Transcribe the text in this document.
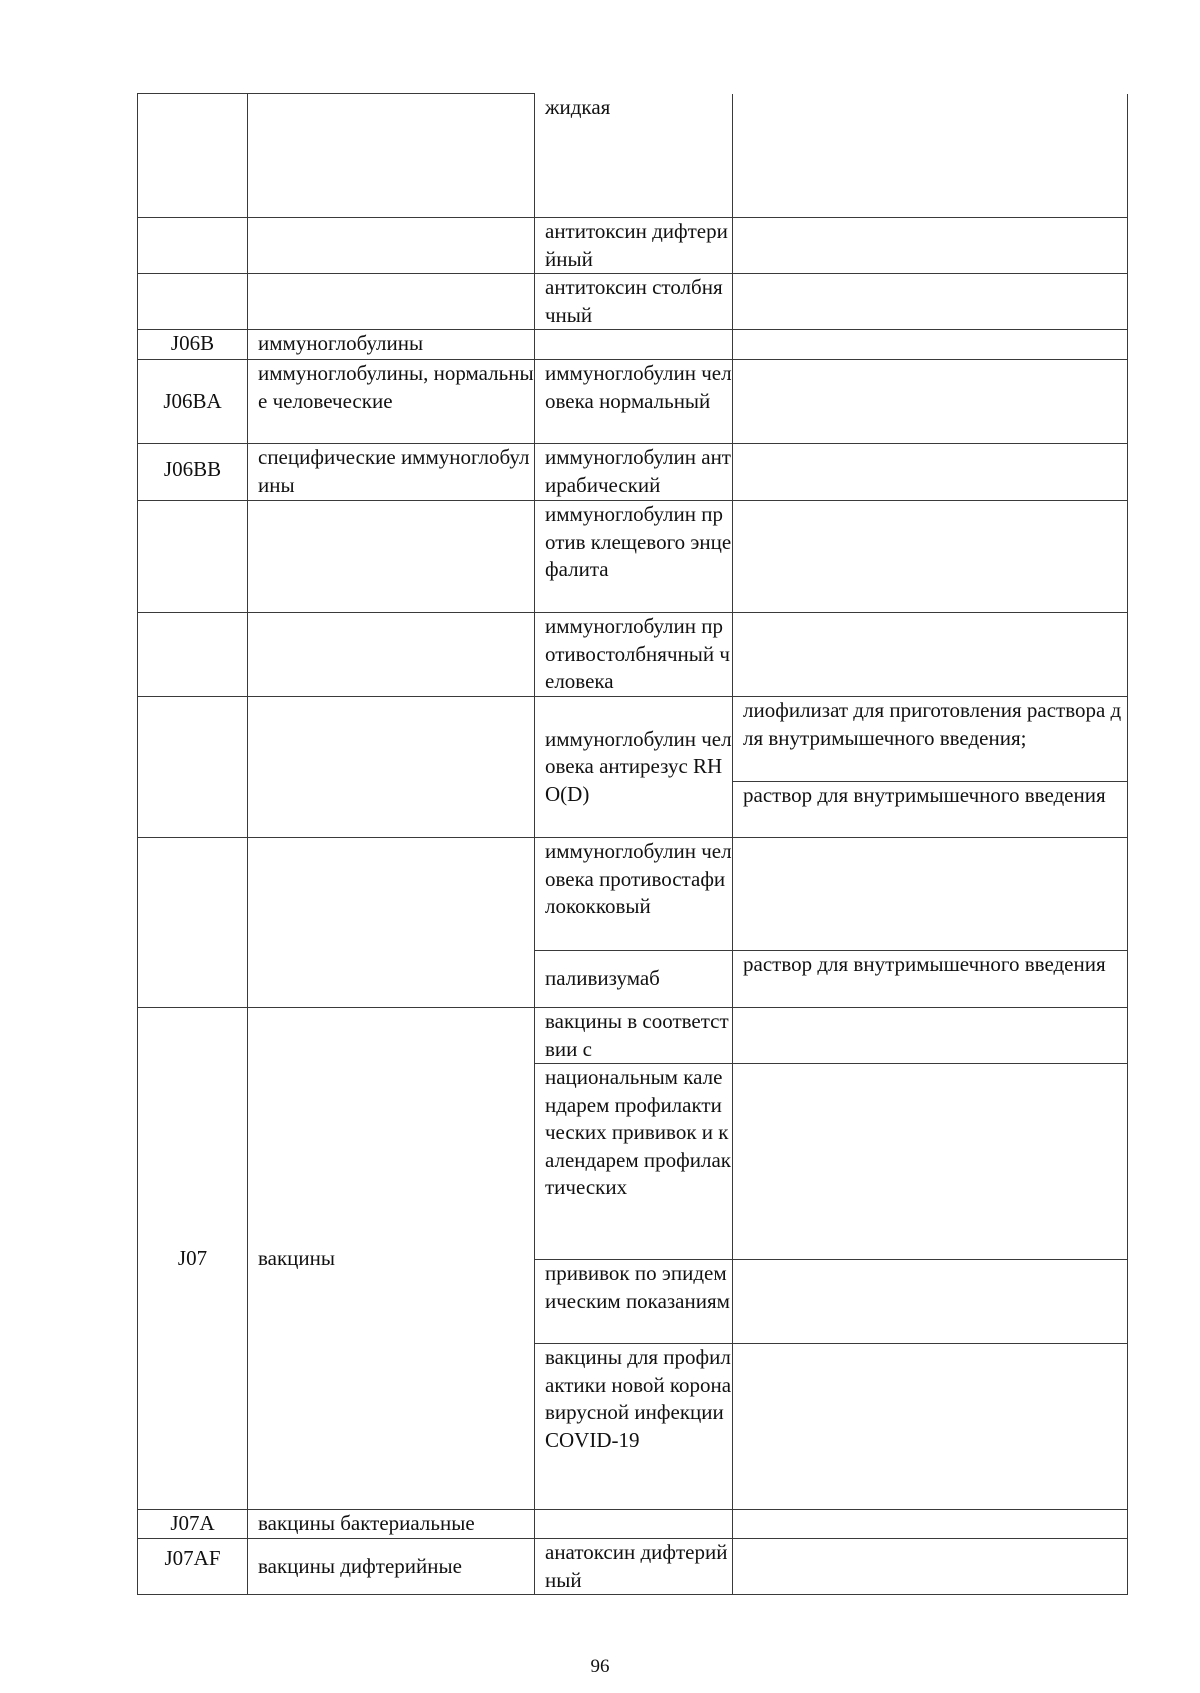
		жидкая	
		антитоксин дифтерийный	
		антитоксин столбнячный	
J06B	иммуноглобулины		
J06BA	иммуноглобулины, нормальные человеческие	иммуноглобулин человека нормальный	
J06BB	специфические иммуноглобулины	иммуноглобулин антирабический	
		иммуноглобулин против клещевого энцефалита	
		иммуноглобулин противостолбнячный человека	
		иммуноглобулин человека антирезус RHO(D)	лиофилизат для приготовления раствора для внутримышечного введения;
			раствор для внутримышечного введения
		иммуноглобулин человека противостафилококковый	
		паливизумаб	раствор для внутримышечного введения
J07	вакцины	вакцины в соответствии с	
		национальным календарем профилактических прививок и календарем профилактических	
		прививок по эпидемическим показаниям	
		вакцины для профилактики новой коронавирусной инфекции COVID-19	
J07A	вакцины бактериальные		
J07AF	вакцины дифтерийные	анатоксин дифтерийный	
96
